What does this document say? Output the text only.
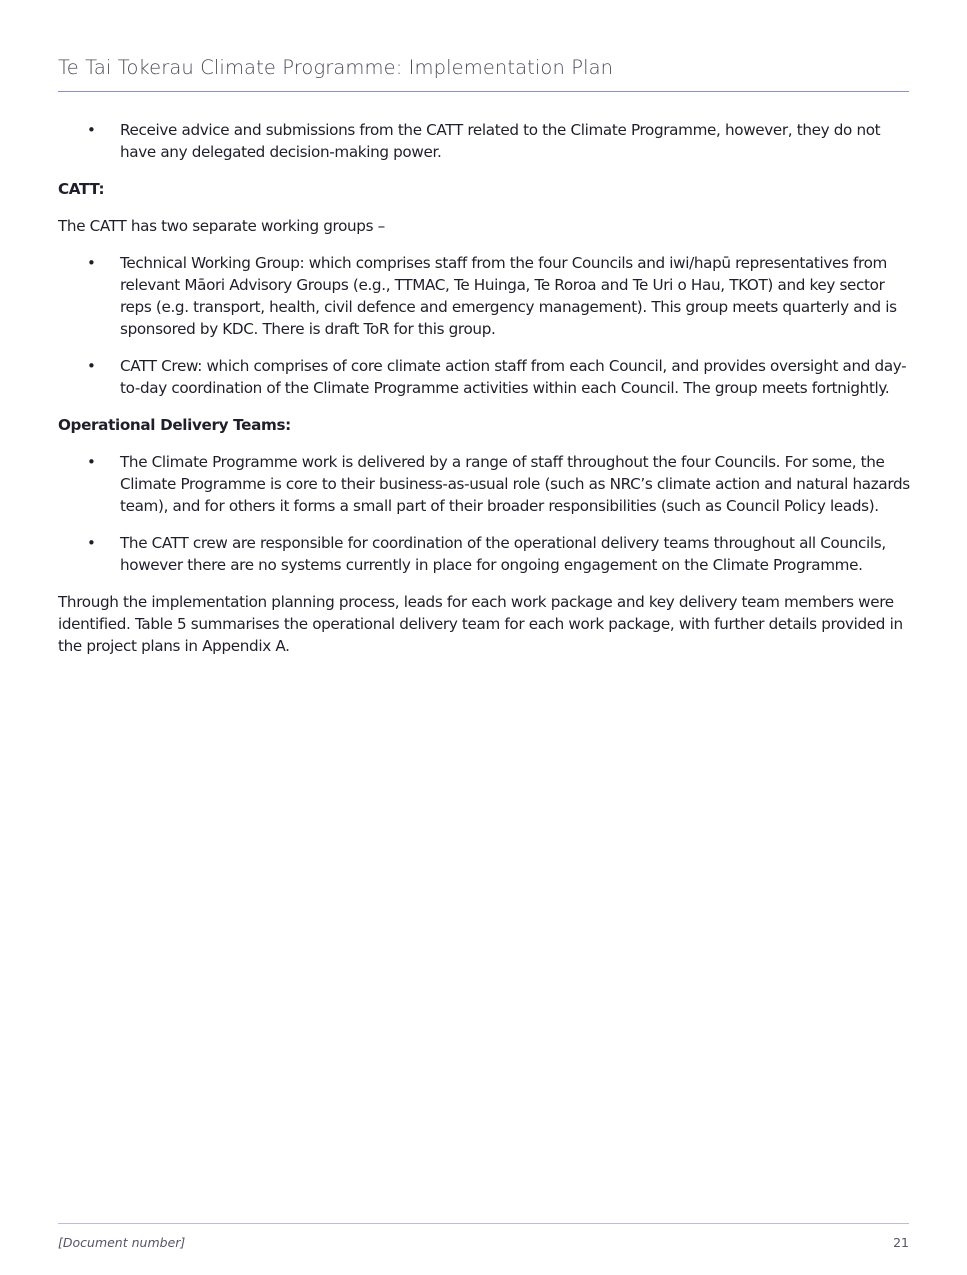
Te Tai Tokerau Climate Programme: Implementation Plan
• Receive advice and submissions from the CATT related to the Climate Programme, however, they do not have any delegated decision-making power.

CATT:

The CATT has two separate working groups –

• Technical Working Group: which comprises staff from the four Councils and iwi/hapū representatives from relevant Māori Advisory Groups (e.g., TTMAC, Te Huinga, Te Roroa and Te Uri o Hau, TKOT) and key sector reps (e.g. transport, health, civil defence and emergency management). This group meets quarterly and is sponsored by KDC. There is draft ToR for this group.
• CATT Crew: which comprises of core climate action staff from each Council, and provides oversight and day-to-day coordination of the Climate Programme activities within each Council. The group meets fortnightly.

Operational Delivery Teams:

• The Climate Programme work is delivered by a range of staff throughout the four Councils. For some, the Climate Programme is core to their business-as-usual role (such as NRC’s climate action and natural hazards team), and for others it forms a small part of their broader responsibilities (such as Council Policy leads).
• The CATT crew are responsible for coordination of the operational delivery teams throughout all Councils, however there are no systems currently in place for ongoing engagement on the Climate Programme.

Through the implementation planning process, leads for each work package and key delivery team members were identified. Table 5 summarises the operational delivery team for each work package, with further details provided in the project plans in Appendix A.

[Document number]	21
